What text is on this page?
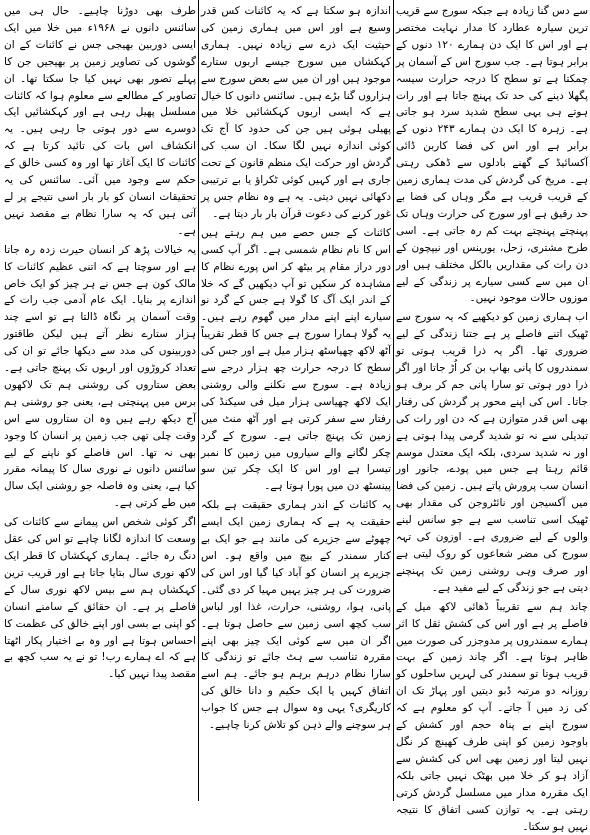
سے دس گنا زیادہ ہے جبکہ سورج سے قریب ترین سیارہ عطارد کا مدار نہایت مختصر ہے اور اس کا ایک دن ہمارے ۱۲۰ دنوں کے برابر ہوتا ہے۔ جب سورج اس کے آسمان پر چمکتا ہے تو سطح کا درجہ حرارت سیسہ پگھلا دینے کی حد تک پہنچ جاتا ہے اور رات ہوتے ہی یہی سطح شدید سرد ہو جاتی ہے۔ زہرہ کا ایک دن ہمارے ۲۴۳ دنوں کے برابر ہے اور اس کی فضا کاربن ڈائی آکسائیڈ کے گھنے بادلوں سے ڈھکی رہتی ہے۔ مریخ کی گردش کی مدت ہماری زمین کے قریب قریب ہے مگر وہاں کی فضا بے حد رقیق ہے اور سورج کی حرارت وہاں تک پہنچتے پہنچتے بہت کم رہ جاتی ہے۔ اسی طرح مشتری، زحل، یورینس اور نیپچون کے دن رات کی مقداریں بالکل مختلف ہیں اور ان میں سے کسی سیارے پر زندگی کے لیے موزوں حالات موجود نہیں۔

اب ہماری زمین کو دیکھیے کہ یہ سورج سے ٹھیک اتنے فاصلے پر ہے جتنا زندگی کے لیے ضروری تھا۔ اگر یہ ذرا قریب ہوتی تو سمندروں کا پانی بھاپ بن کر اُڑ جاتا اور اگر ذرا دور ہوتی تو سارا پانی جم کر برف ہو جاتا۔ اس کی اپنے محور پر گردش کی رفتار بھی اس قدر متوازن ہے کہ دن اور رات کی تبدیلی سے نہ تو شدید گرمی پیدا ہوتی ہے اور نہ شدید سردی، بلکہ ایک معتدل موسم قائم رہتا ہے جس میں پودے، جانور اور انسان سب پرورش پاتے ہیں۔ زمین کی فضا میں آکسیجن اور نائٹروجن کی مقدار بھی ٹھیک اسی تناسب سے ہے جو سانس لینے والوں کے لیے ضروری ہے۔ اوزون کی تہہ سورج کی مضر شعاعوں کو روک لیتی ہے اور صرف وہی روشنی زمین تک پہنچنے دیتی ہے جو زندگی کے لیے مفید ہے۔

چاند ہم سے تقریباً ڈھائی لاکھ میل کے فاصلے پر ہے اور اس کی کشش ثقل کا اثر ہمارے سمندروں پر مدوجزر کی صورت میں ظاہر ہوتا ہے۔ اگر چاند زمین کے بہت قریب ہوتا تو سمندر کی لہریں ساحلوں کو روزانہ دو مرتبہ ڈبو دیتیں اور پہاڑ تک ان کی زد میں آ جاتے۔ آپ کو معلوم ہے کہ سورج اپنے بے پناہ حجم اور کشش کے باوجود زمین کو اپنی طرف کھینچ کر نگل نہیں لیتا اور زمین بھی اس کی کشش سے آزاد ہو کر خلا میں بھٹک نہیں جاتی بلکہ ایک مقررہ مدار میں مسلسل گردش کرتی رہتی ہے۔ یہ توازن کسی اتفاق کا نتیجہ نہیں ہو سکتا۔

اندازہ ہو سکتا ہے کہ یہ کائنات کس قدر وسیع ہے اور اس میں ہماری زمین کی حیثیت ایک ذرے سے زیادہ نہیں۔ ہماری کہکشاں میں سورج جیسے اربوں ستارے موجود ہیں اور ان میں سے بعض سورج سے ہزاروں گنا بڑے ہیں۔ سائنس دانوں کا خیال ہے کہ ایسی اربوں کہکشائیں خلا میں پھیلی ہوئی ہیں جن کی حدود کا آج تک کوئی اندازہ نہیں لگا سکا۔ ان سب کی گردش اور حرکت ایک منظم قانون کے تحت جاری ہے اور کہیں کوئی ٹکراؤ یا بے ترتیبی دکھائی نہیں دیتی۔ یہ ہے وہ نظام جس پر غور کرنے کی دعوت قرآن بار بار دیتا ہے۔

کائنات کے جس حصے میں ہم رہتے ہیں اس کا نام نظام شمسی ہے۔ اگر آپ کسی دور دراز مقام پر بیٹھ کر اس پورے نظام کا مشاہدہ کر سکیں تو آپ دیکھیں گے کہ خلا کے اندر ایک آگ کا گولا ہے جس کے گرد نو سیارے اپنے اپنے مدار میں گھوم رہے ہیں۔ یہ گولا ہمارا سورج ہے جس کا قطر تقریباً آٹھ لاکھ چھیاسٹھ ہزار میل ہے اور جس کی سطح کا درجہ حرارت چھ ہزار درجے سے زیادہ ہے۔ سورج سے نکلنے والی روشنی ایک لاکھ چھیاسی ہزار میل فی سیکنڈ کی رفتار سے سفر کرتی ہے اور آٹھ منٹ میں زمین تک پہنچ جاتی ہے۔ سورج کے گرد چکر لگانے والے سیاروں میں زمین کا نمبر تیسرا ہے اور اس کا ایک چکر تین سو پینسٹھ دن میں پورا ہوتا ہے۔

یہ کائنات کے اندر ہماری حقیقت ہے بلکہ حقیقت یہ ہے کہ ہماری زمین ایک ایسے چھوٹے سے جزیرے کی مانند ہے جو ایک بے کنار سمندر کے بیچ میں واقع ہو۔ اس جزیرے پر انسان کو آباد کیا گیا اور اس کی ضرورت کی ہر چیز یہیں مہیا کر دی گئی۔ پانی، ہوا، روشنی، حرارت، غذا اور لباس سب کچھ اسی زمین سے حاصل ہوتا ہے۔ اگر ان میں سے کوئی ایک چیز بھی اپنے مقررہ تناسب سے ہٹ جائے تو زندگی کا سارا نظام درہم برہم ہو جائے۔ ہم اسے اتفاق کہیں یا ایک حکیم و دانا خالق کی کاریگری؟ یہی وہ سوال ہے جس کا جواب ہر سوچنے والے ذہن کو تلاش کرنا چاہیے۔

طرف بھی دوڑنا چاہیے۔ حال ہی میں سائنس دانوں نے ۱۹۶۸ء میں خلا میں ایک ایسی دوربین بھیجی جس نے کائنات کے ان گوشوں کی تصاویر زمین پر بھیجیں جن کا پہلے تصور بھی نہیں کیا جا سکتا تھا۔ ان تصاویر کے مطالعے سے معلوم ہوا کہ کائنات مسلسل پھیل رہی ہے اور کہکشائیں ایک دوسرے سے دور ہوتی جا رہی ہیں۔ یہ انکشاف اس بات کی تائید کرتا ہے کہ کائنات کا ایک آغاز تھا اور وہ کسی خالق کے حکم سے وجود میں آئی۔ سائنس کی یہ تحقیقات انسان کو بار بار اسی نتیجے پر لے آتی ہیں کہ یہ سارا نظام بے مقصد نہیں ہے۔

یہ خیالات پڑھ کر انسان حیرت زدہ رہ جاتا ہے اور سوچتا ہے کہ اتنی عظیم کائنات کا مالک کون ہے جس نے ہر چیز کو ایک خاص اندازے پر بنایا۔ ایک عام آدمی جب رات کے وقت آسمان پر نگاہ ڈالتا ہے تو اسے چند ہزار ستارے نظر آتے ہیں لیکن طاقتور دوربینوں کی مدد سے دیکھا جائے تو ان کی تعداد کروڑوں اور اربوں تک پہنچ جاتی ہے۔ بعض ستاروں کی روشنی ہم تک لاکھوں برس میں پہنچتی ہے، یعنی جو روشنی ہم آج دیکھ رہے ہیں وہ ان ستاروں سے اس وقت چلی تھی جب زمین پر انسان کا وجود بھی نہ تھا۔ اس فاصلے کو ناپنے کے لیے سائنس دانوں نے نوری سال کا پیمانہ مقرر کیا ہے، یعنی وہ فاصلہ جو روشنی ایک سال میں طے کرتی ہے۔

اگر کوئی شخص اس پیمانے سے کائنات کی وسعت کا اندازہ لگانا چاہے تو اس کی عقل دنگ رہ جائے۔ ہماری کہکشاں کا قطر ایک لاکھ نوری سال بتایا جاتا ہے اور قریب ترین کہکشاں ہم سے بیس لاکھ نوری سال کے فاصلے پر ہے۔ ان حقائق کے سامنے انسان کو اپنی بے بسی اور اپنے خالق کی عظمت کا احساس ہوتا ہے اور وہ بے اختیار پکار اٹھتا ہے کہ اے ہمارے رب! تو نے یہ سب کچھ بے مقصد پیدا نہیں کیا۔
